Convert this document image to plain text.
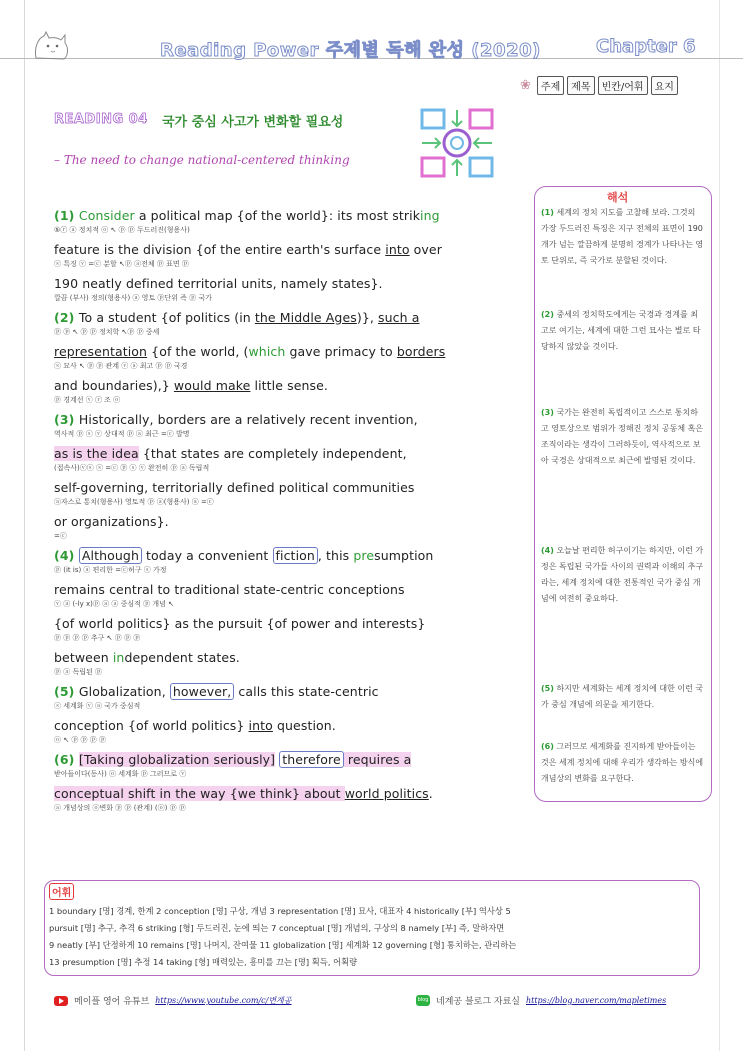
Reading Power 주제별 독해 완성 (2020)	Chapter 6
❀	주제	제목	빈칸/어휘	요지
READING 04 국가 중심 사고가 변화할 필요성
– The need to change national-centered thinking
(1) Consider a political map {of the world}: its most striking
⑤ⓡ ⓐ 정치적 ⓞ ↖ ⓟ ⓟ 두드러진(형용사)
feature is the division {of the entire earth's surface into over
ⓢ 특징 ⓥ =ⓒ 분할 ↖ⓟ ⓐ전체 ⓟ 표면 ⓟ
190 neatly defined territorial units, namely states}.
깔끔 (부사) 정의(형용사) ⓐ 영토 ⓟ단위 즉 ⓟ 국가
(2) To a student {of politics (in the Middle Ages)}, such a
ⓟ ⓟ ↖ ⓟ ⓟ 정치학 ↖ⓟ ⓟ 중세
representation {of the world, (which gave primacy to borders
ⓢ 묘사 ↖ ⓟ ⓟ 관계 ⓥ ⓐ 최고 ⓟ ⓟ 국경
and boundaries),} would make little sense.
ⓟ 경계선 ⓥ ⓡ 조 ⓞ
(3) Historically, borders are a relatively recent invention,
역사적 ⓟ ⓢ ⓥ 상대적 ⓟ ⓐ 최근 =ⓒ 발명
as is the idea {that states are completely independent,
(접속사)ⓥⓢ ⓢ =ⓒ ⓟ ⓢ ⓥ 완전히 ⓟ ⓐ 독립적
self-governing, territorially defined political communities
ⓐ자스로 통치(형용사) 영토적 ⓟ ⓐ(형용사) ⓐ =ⓒ
or organizations}.
=ⓒ
(4) Although today a convenient fiction , this presumption
ⓟ (it is) ⓐ 편리한 =ⓒ허구 ⓢ 가정
remains central to traditional state-centric conceptions
ⓥ ⓐ (-ly x)ⓟ ⓐ ⓐ 중심적 ⓟ 개념 ↖
{of world politics} as the pursuit {of power and interests}
ⓟ ⓟ ⓟ ⓟ 추구 ↖ ⓟ ⓟ ⓟ
between independent states.
ⓟ ⓐ 독립된 ⓟ
(5) Globalization, however, calls this state-centric
ⓢ 세계화 ⓥ ⓐ 국가 중심적
conception {of world politics} into question.
ⓞ ↖ ⓟ ⓟ ⓟ ⓟ
(6) [Taking globalization seriously] therefore requires a
받아들이다(동사) ⓞ 세계화 ⓟ 그러므로 ⓥ
conceptual shift in the way {we think} about world politics.
ⓐ 개념상의 ⓞ변화 ⓟ ⓟ (관계) (ⓞ) ⓟ ⓟ
해석
(1) 세계의 정치 지도를 고찰해 보라. 그것의 가장 두드러진 특징은 지구 전체의 표면이 190개가 넘는 깔끔하게 분명히 경계가 나타나는 영토 단위로, 즉 국가로 분할된 것이다.
(2) 중세의 정치학도에게는 국경과 경계를 최고로 여기는, 세계에 대한 그런 묘사는 별로 타당하지 않았을 것이다.
(3) 국가는 완전히 독립적이고 스스로 통치하고 영토상으로 범위가 정해진 정치 공동체 혹은 조직이라는 생각이 그러하듯이, 역사적으로 보아 국경은 상대적으로 최근에 발명된 것이다.
(4) 오늘날 편리한 허구이기는 하지만, 이런 가정은 독립된 국가들 사이의 권력과 이해의 추구라는, 세계 정치에 대한 전통적인 국가 중심 개념에 여전히 중요하다.
(5) 하지만 세계화는 세계 정치에 대한 이런 국가 중심 개념에 의문을 제기한다.
(6) 그러므로 세계화를 진지하게 받아들이는 것은 세계 정치에 대해 우리가 생각하는 방식에 개념상의 변화를 요구한다.
어휘
1 boundary [명] 경계, 한계 2 conception [명] 구상, 개념 3 representation [명] 묘사, 대표자 4 historically [부] 역사상 5
pursuit [명] 추구, 추격 6 striking [형] 두드러진, 눈에 띄는 7 conceptual [명] 개념의, 구상의 8 namely [부] 즉, 말하자면
9 neatly [부] 단정하게 10 remains [명] 나머지, 잔여물 11 globalization [명] 세계화 12 governing [형] 통치하는, 관리하는
13 presumption [명] 추정 14 taking [형] 매력있는, 흥미를 끄는 [명] 획득, 어획량
메이플 영어 유튜브 https://www.youtube.com/c/변계공	blog 네계공 블로그 자료실 https://blog.naver.com/mapletimes
